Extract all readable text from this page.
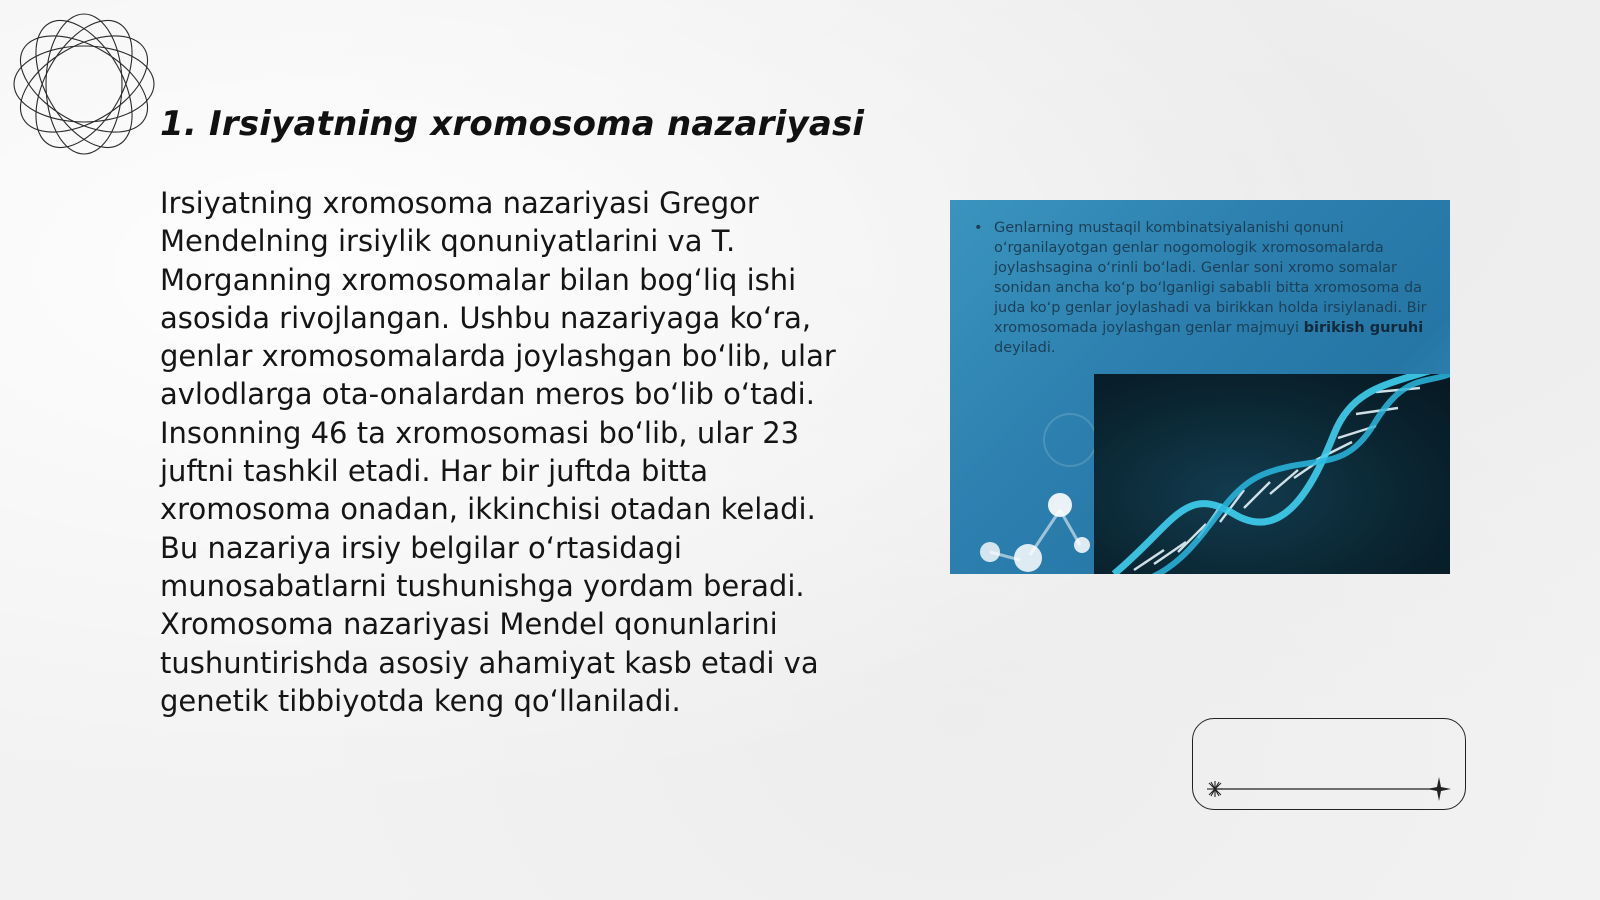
1. Irsiyatning xromosoma nazariyasi
Irsiyatning xromosoma nazariyasi Gregor Mendelning irsiylik qonuniyatlarini va T. Morganning xromosomalar bilan bog‘liq ishi asosida rivojlangan. Ushbu nazariyaga ko‘ra, genlar xromosomalarda joylashgan bo‘lib, ular avlodlarga ota-onalardan meros bo‘lib o‘tadi. Insonning 46 ta xromosomasi bo‘lib, ular 23 juftni tashkil etadi. Har bir juftda bitta xromosoma onadan, ikkinchisi otadan keladi. Bu nazariya irsiy belgilar o‘rtasidagi munosabatlarni tushunishga yordam beradi. Xromosoma nazariyasi Mendel qonunlarini tushuntirishda asosiy ahamiyat kasb etadi va genetik tibbiyotda keng qo‘llaniladi.
• Genlarning mustaqil kombinatsiyalanishi qonuni o‘rganilayotgan genlar nogomologik xromosomalarda joylashsagina o‘rinli bo‘ladi. Genlar soni xromo somalar sonidan ancha ko‘p bo‘lganligi sababli bitta xromosoma da juda ko‘p genlar joylashadi va birikkan holda irsiylanadi. Bir xromosomada joylashgan genlar majmuyi birikish guruhi deyiladi.
